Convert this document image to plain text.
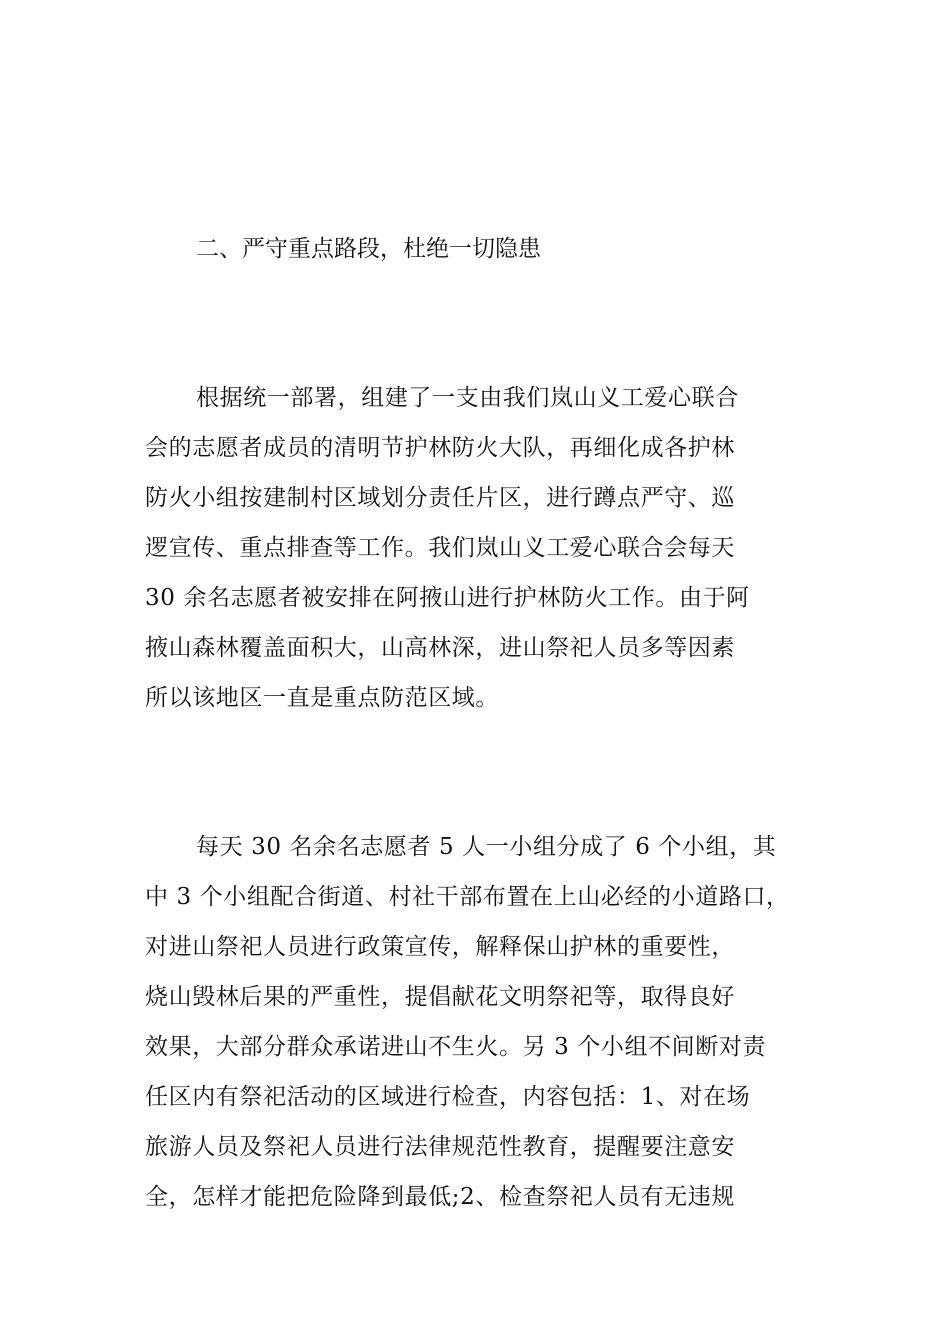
二、严守重点路段，杜绝一切隐患
根据统一部署，组建了一支由我们岚山义工爱心联合
会的志愿者成员的清明节护林防火大队，再细化成各护林
防火小组按建制村区域划分责任片区，进行蹲点严守、巡
逻宣传、重点排查等工作。我们岚山义工爱心联合会每天
30 余名志愿者被安排在阿掖山进行护林防火工作。由于阿
掖山森林覆盖面积大，山高林深，进山祭祀人员多等因素
所以该地区一直是重点防范区域。
每天 30 名余名志愿者 5 人一小组分成了 6 个小组，其
中 3 个小组配合街道、村社干部布置在上山必经的小道路口，
对进山祭祀人员进行政策宣传，解释保山护林的重要性，
烧山毁林后果的严重性，提倡献花文明祭祀等，取得良好
效果，大部分群众承诺进山不生火。另 3 个小组不间断对责
任区内有祭祀活动的区域进行检查，内容包括：1、对在场
旅游人员及祭祀人员进行法律规范性教育，提醒要注意安
全，怎样才能把危险降到最低;2、检查祭祀人员有无违规
